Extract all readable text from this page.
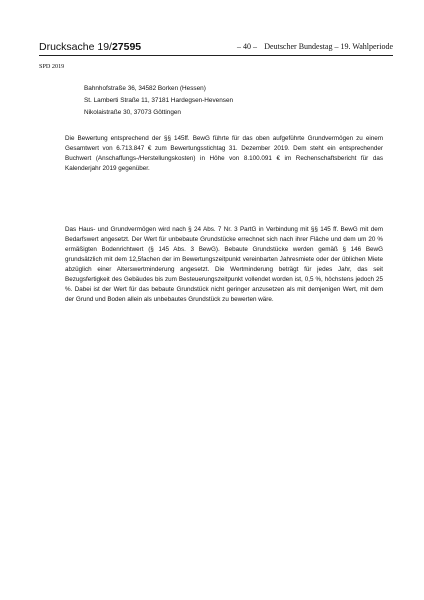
Drucksache 19/27595	– 40 – Deutscher Bundestag – 19. Wahlperiode
SPD 2019
Bahnhofstraße 36, 34582 Borken (Hessen)
St. Lamberti Straße 11, 37181 Hardegsen-Hevensen
Nikolaistraße 30, 37073 Göttingen
Die Bewertung entsprechend der §§ 145ff. BewG führte für das oben aufgeführte Grundvermögen zu einem Gesamtwert von 6.713.847 € zum Bewertungsstichtag 31. Dezember 2019. Dem steht ein entsprechender Buchwert (Anschaffungs-/Herstellungskosten) in Höhe von 8.100.091 € im Rechenschaftsbericht für das Kalenderjahr 2019 gegenüber.
Das Haus- und Grundvermögen wird nach § 24 Abs. 7 Nr. 3 PartG in Verbindung mit §§ 145 ff. BewG mit dem Bedarfswert angesetzt. Der Wert für unbebaute Grundstücke errechnet sich nach ihrer Fläche und dem um 20 % ermäßigten Bodenrichtwert (§ 145 Abs. 3 BewG). Bebaute Grundstücke werden gemäß § 146 BewG grundsätzlich mit dem 12,5fachen der im Bewertungszeitpunkt vereinbarten Jahresmiete oder der üblichen Miete abzüglich einer Alterswertminderung angesetzt. Die Wertminderung beträgt für jedes Jahr, das seit Bezugsfertigkeit des Gebäudes bis zum Besteuerungszeitpunkt vollendet worden ist, 0,5 %, höchstens jedoch 25 %. Dabei ist der Wert für das bebaute Grundstück nicht geringer anzusetzen als mit demjenigen Wert, mit dem der Grund und Boden allein als unbebautes Grundstück zu bewerten wäre.
